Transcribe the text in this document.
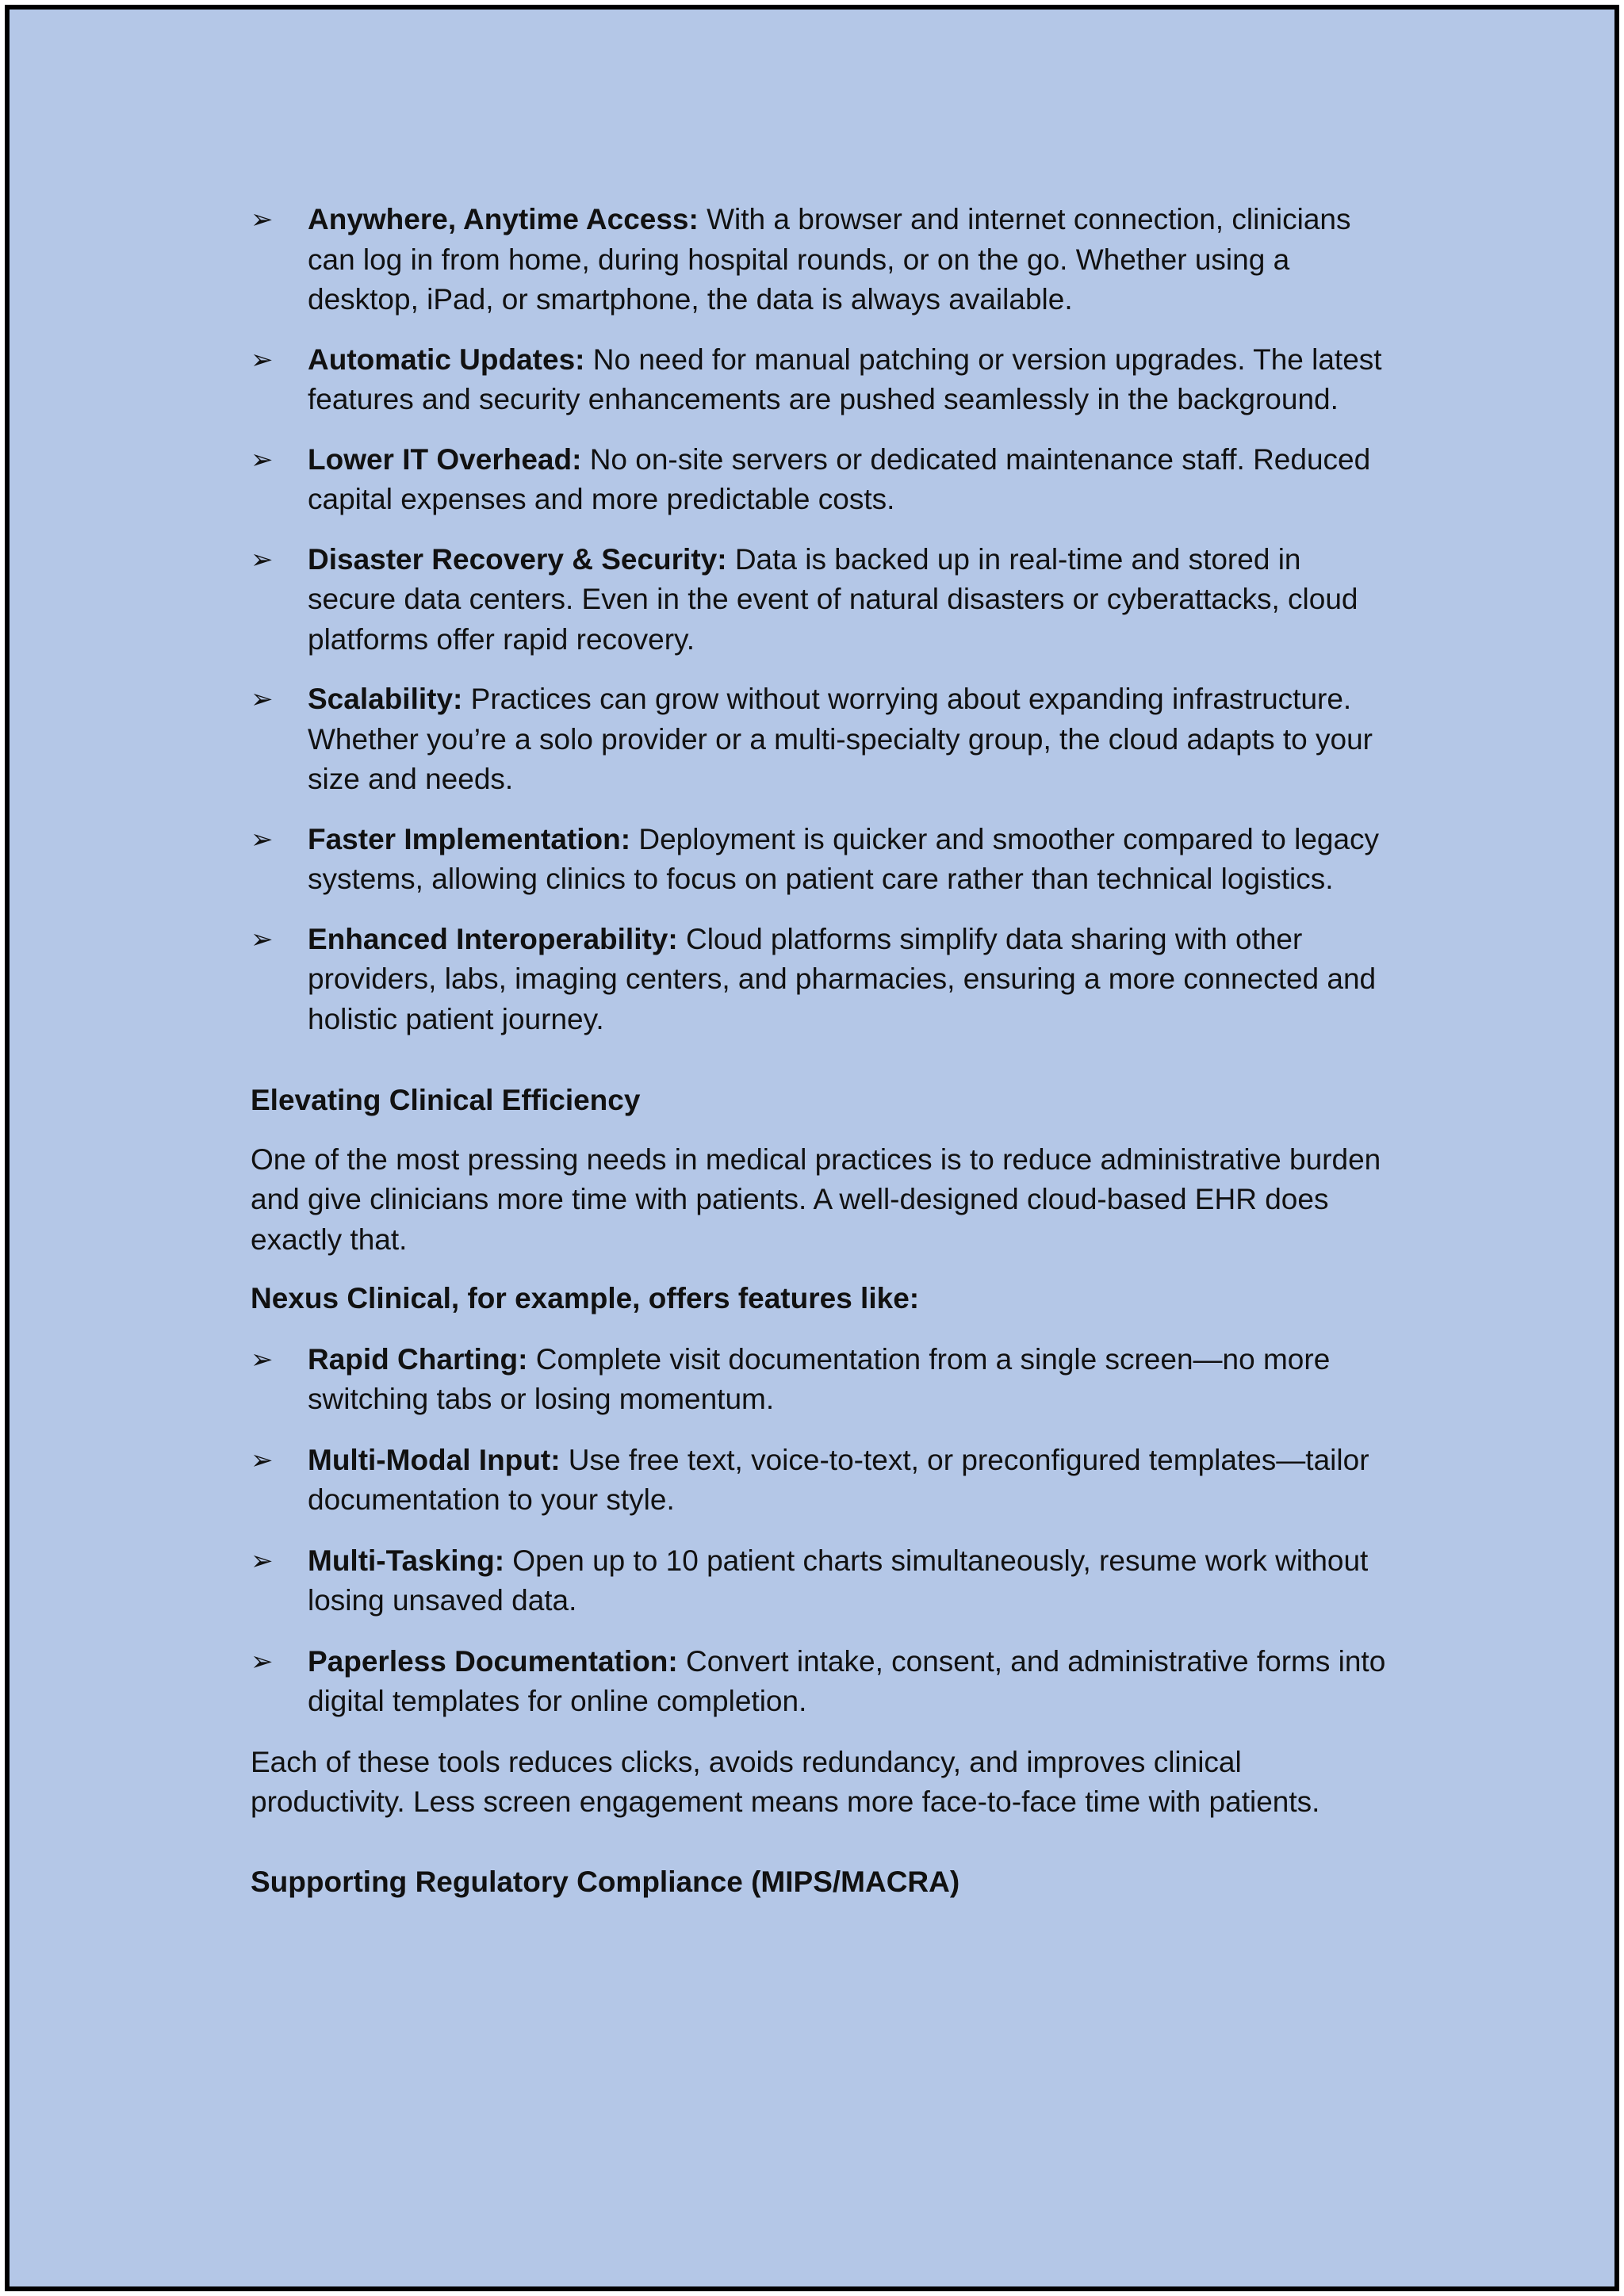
➢ Anywhere, Anytime Access: With a browser and internet connection, clinicians can log in from home, during hospital rounds, or on the go. Whether using a desktop, iPad, or smartphone, the data is always available.
➢ Automatic Updates: No need for manual patching or version upgrades. The latest features and security enhancements are pushed seamlessly in the background.
➢ Lower IT Overhead: No on-site servers or dedicated maintenance staff. Reduced capital expenses and more predictable costs.
➢ Disaster Recovery & Security: Data is backed up in real-time and stored in secure data centers. Even in the event of natural disasters or cyberattacks, cloud platforms offer rapid recovery.
➢ Scalability: Practices can grow without worrying about expanding infrastructure. Whether you’re a solo provider or a multi-specialty group, the cloud adapts to your size and needs.
➢ Faster Implementation: Deployment is quicker and smoother compared to legacy systems, allowing clinics to focus on patient care rather than technical logistics.
➢ Enhanced Interoperability: Cloud platforms simplify data sharing with other providers, labs, imaging centers, and pharmacies, ensuring a more connected and holistic patient journey.

Elevating Clinical Efficiency

One of the most pressing needs in medical practices is to reduce administrative burden and give clinicians more time with patients. A well-designed cloud-based EHR does exactly that.

Nexus Clinical, for example, offers features like:

➢ Rapid Charting: Complete visit documentation from a single screen—no more switching tabs or losing momentum.
➢ Multi-Modal Input: Use free text, voice-to-text, or preconfigured templates—tailor documentation to your style.
➢ Multi-Tasking: Open up to 10 patient charts simultaneously, resume work without losing unsaved data.
➢ Paperless Documentation: Convert intake, consent, and administrative forms into digital templates for online completion.

Each of these tools reduces clicks, avoids redundancy, and improves clinical productivity. Less screen engagement means more face-to-face time with patients.

Supporting Regulatory Compliance (MIPS/MACRA)
